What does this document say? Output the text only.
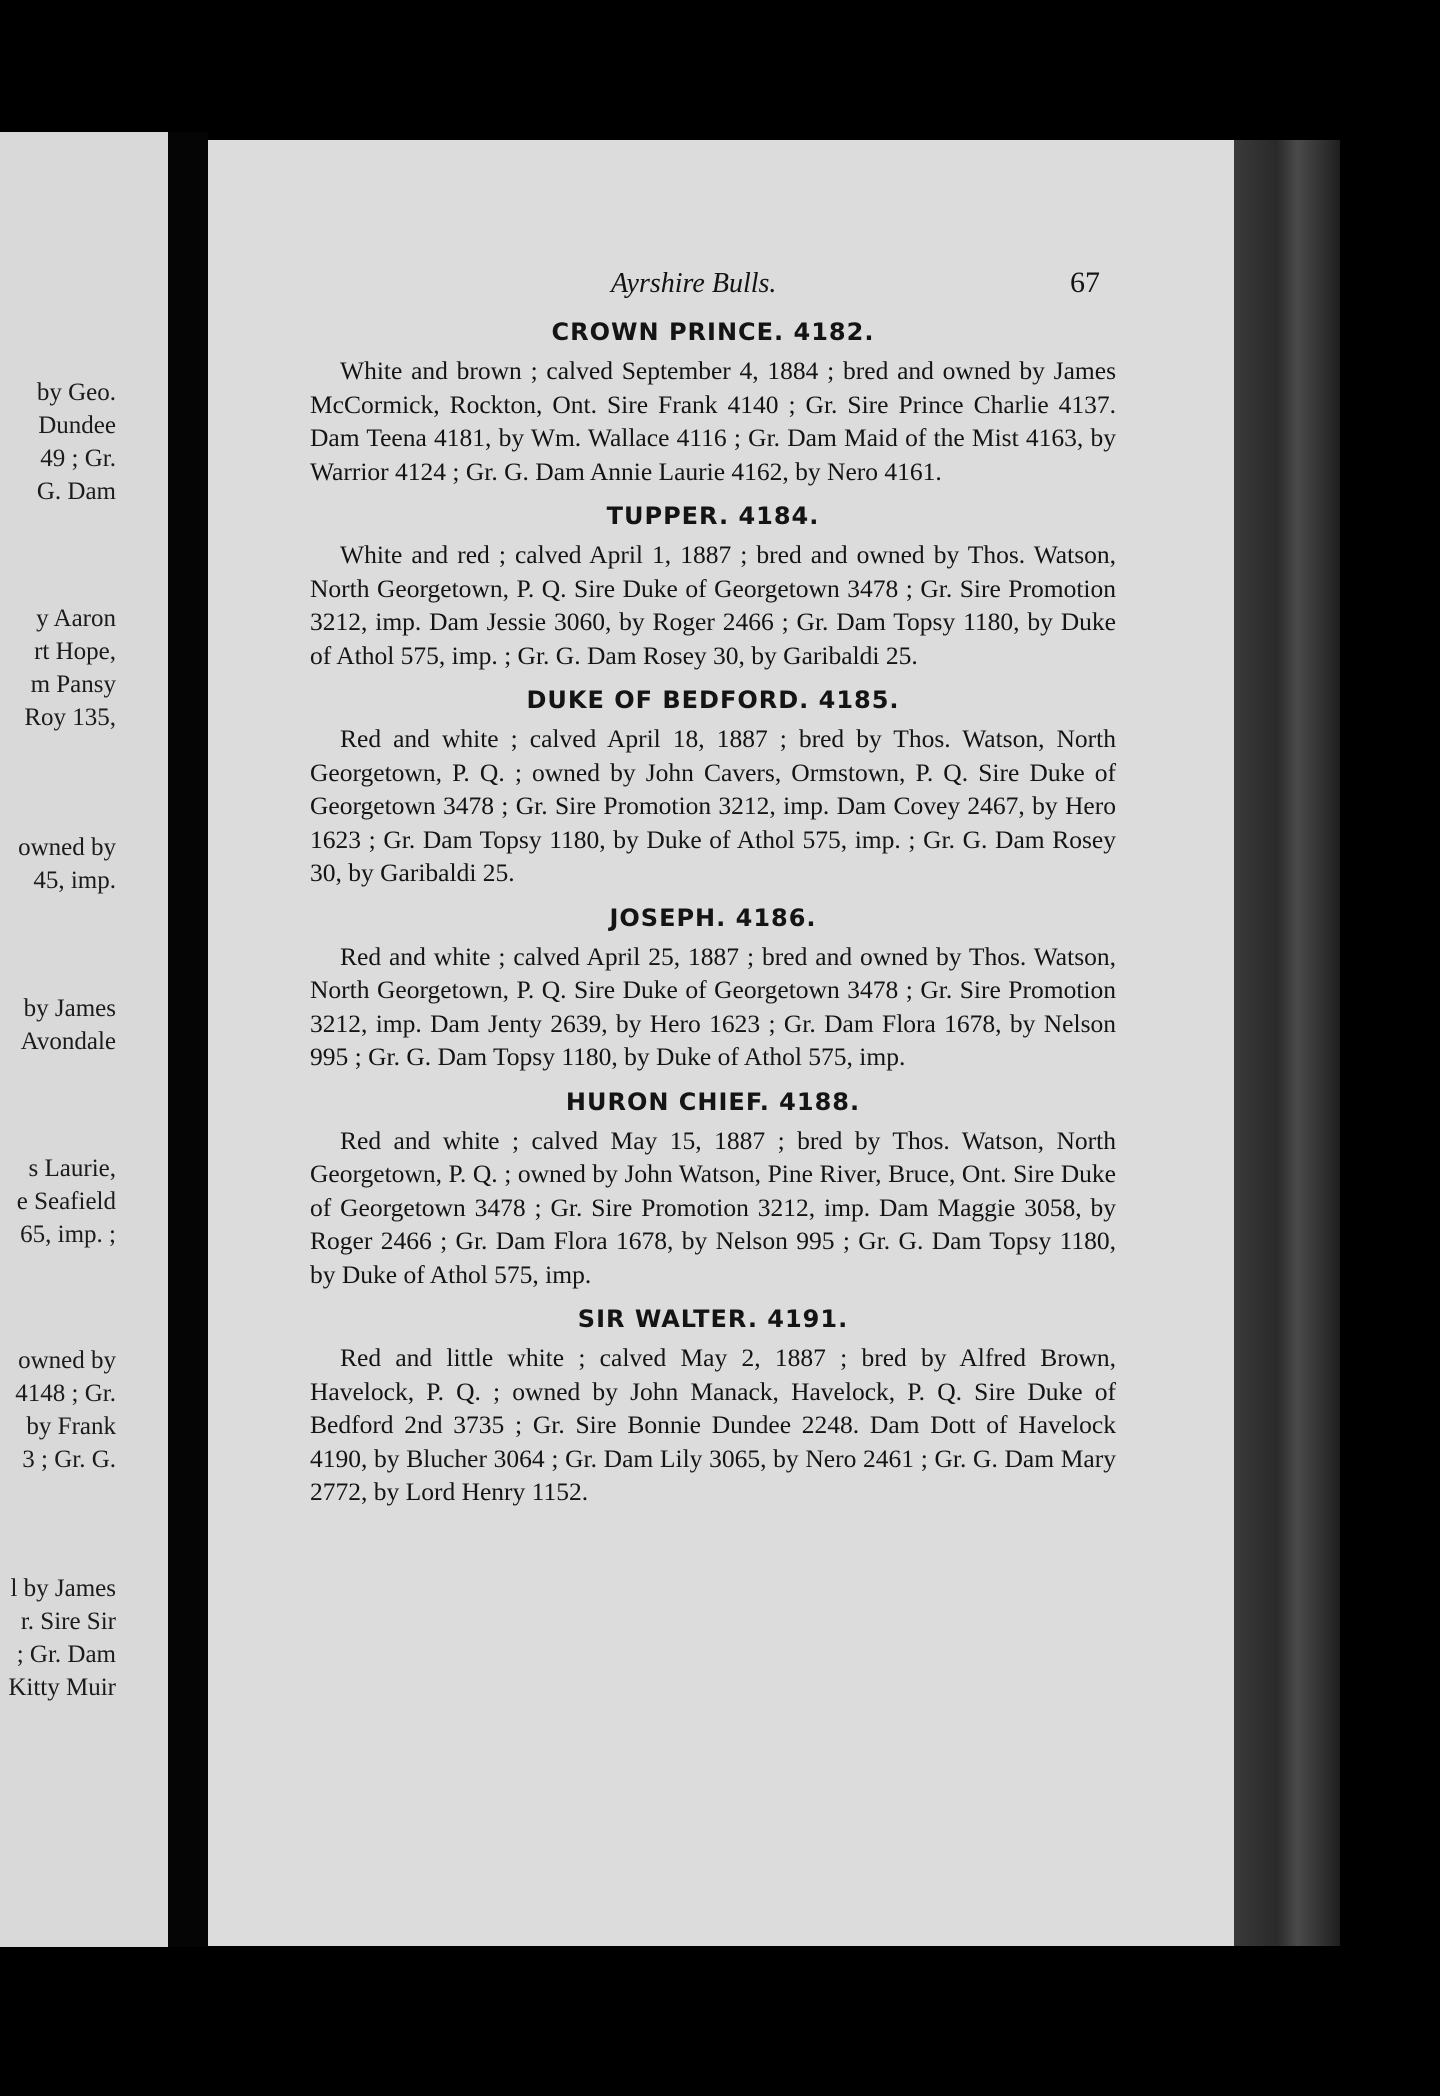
by Geo.
Dundee
49 ; Gr.
G. Dam
y Aaron
rt Hope,
m Pansy
Roy 135,
owned by
45, imp.
by James
Avondale
s Laurie,
e Seafield
65, imp. ;
owned by
4148 ; Gr.
by Frank
3 ; Gr. G.
l by James
r. Sire Sir
; Gr. Dam
Kitty Muir
Ayrshire Bulls.	67
CROWN PRINCE. 4182.

White and brown ; calved September 4, 1884 ; bred and owned by James McCormick, Rockton, Ont. Sire Frank 4140 ; Gr. Sire Prince Charlie 4137. Dam Teena 4181, by Wm. Wallace 4116 ; Gr. Dam Maid of the Mist 4163, by Warrior 4124 ; Gr. G. Dam Annie Laurie 4162, by Nero 4161.

TUPPER. 4184.

White and red ; calved April 1, 1887 ; bred and owned by Thos. Watson, North Georgetown, P. Q. Sire Duke of Georgetown 3478 ; Gr. Sire Promotion 3212, imp. Dam Jessie 3060, by Roger 2466 ; Gr. Dam Topsy 1180, by Duke of Athol 575, imp. ; Gr. G. Dam Rosey 30, by Garibaldi 25.

DUKE OF BEDFORD. 4185.

Red and white ; calved April 18, 1887 ; bred by Thos. Watson, North Georgetown, P. Q. ; owned by John Cavers, Ormstown, P. Q. Sire Duke of Georgetown 3478 ; Gr. Sire Promotion 3212, imp. Dam Covey 2467, by Hero 1623 ; Gr. Dam Topsy 1180, by Duke of Athol 575, imp. ; Gr. G. Dam Rosey 30, by Garibaldi 25.

JOSEPH. 4186.

Red and white ; calved April 25, 1887 ; bred and owned by Thos. Watson, North Georgetown, P. Q. Sire Duke of Georgetown 3478 ; Gr. Sire Promotion 3212, imp. Dam Jenty 2639, by Hero 1623 ; Gr. Dam Flora 1678, by Nelson 995 ; Gr. G. Dam Topsy 1180, by Duke of Athol 575, imp.

HURON CHIEF. 4188.

Red and white ; calved May 15, 1887 ; bred by Thos. Watson, North Georgetown, P. Q. ; owned by John Watson, Pine River, Bruce, Ont. Sire Duke of Georgetown 3478 ; Gr. Sire Promotion 3212, imp. Dam Maggie 3058, by Roger 2466 ; Gr. Dam Flora 1678, by Nelson 995 ; Gr. G. Dam Topsy 1180, by Duke of Athol 575, imp.

SIR WALTER. 4191.

Red and little white ; calved May 2, 1887 ; bred by Alfred Brown, Havelock, P. Q. ; owned by John Manack, Havelock, P. Q. Sire Duke of Bedford 2nd 3735 ; Gr. Sire Bonnie Dundee 2248. Dam Dott of Havelock 4190, by Blucher 3064 ; Gr. Dam Lily 3065, by Nero 2461 ; Gr. G. Dam Mary 2772, by Lord Henry 1152.
